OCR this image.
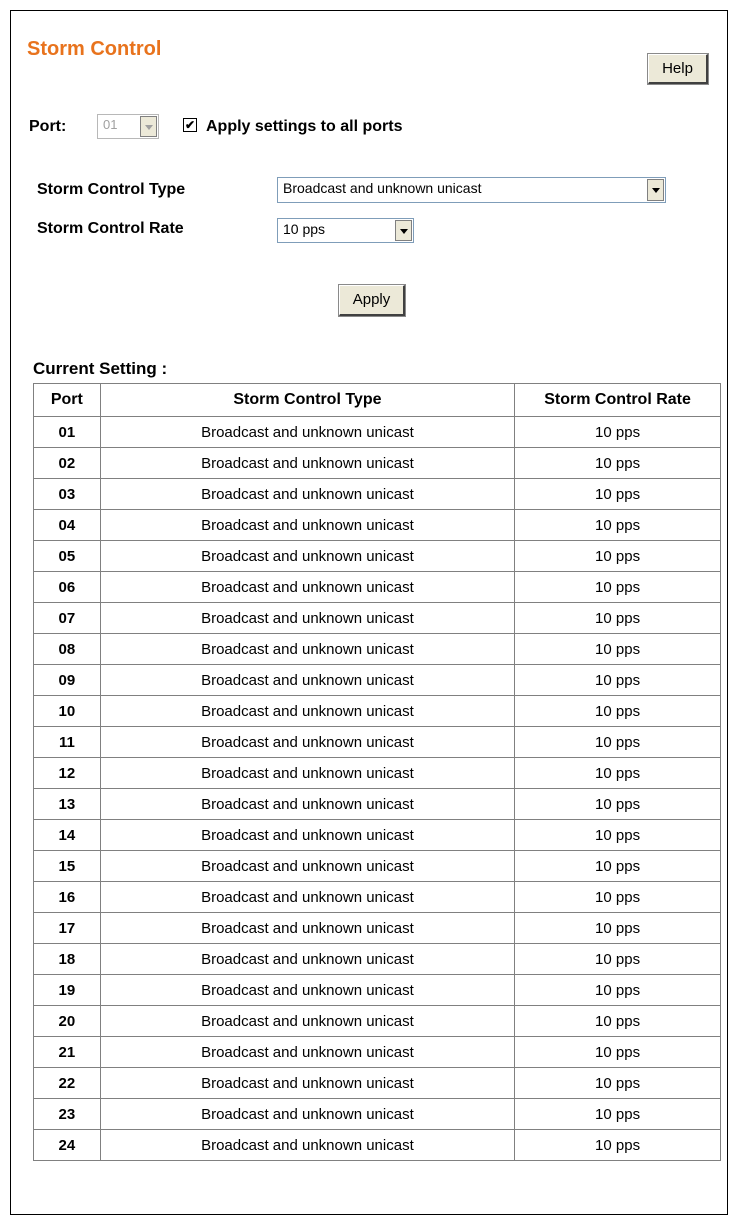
Storm Control
Help
Port:	01	✔ Apply settings to all ports
Storm Control Type	Broadcast and unknown unicast
Storm Control Rate	10 pps
Apply
Current Setting :
Port	Storm Control Type	Storm Control Rate
01	Broadcast and unknown unicast	10 pps
02	Broadcast and unknown unicast	10 pps
03	Broadcast and unknown unicast	10 pps
04	Broadcast and unknown unicast	10 pps
05	Broadcast and unknown unicast	10 pps
06	Broadcast and unknown unicast	10 pps
07	Broadcast and unknown unicast	10 pps
08	Broadcast and unknown unicast	10 pps
09	Broadcast and unknown unicast	10 pps
10	Broadcast and unknown unicast	10 pps
11	Broadcast and unknown unicast	10 pps
12	Broadcast and unknown unicast	10 pps
13	Broadcast and unknown unicast	10 pps
14	Broadcast and unknown unicast	10 pps
15	Broadcast and unknown unicast	10 pps
16	Broadcast and unknown unicast	10 pps
17	Broadcast and unknown unicast	10 pps
18	Broadcast and unknown unicast	10 pps
19	Broadcast and unknown unicast	10 pps
20	Broadcast and unknown unicast	10 pps
21	Broadcast and unknown unicast	10 pps
22	Broadcast and unknown unicast	10 pps
23	Broadcast and unknown unicast	10 pps
24	Broadcast and unknown unicast	10 pps
